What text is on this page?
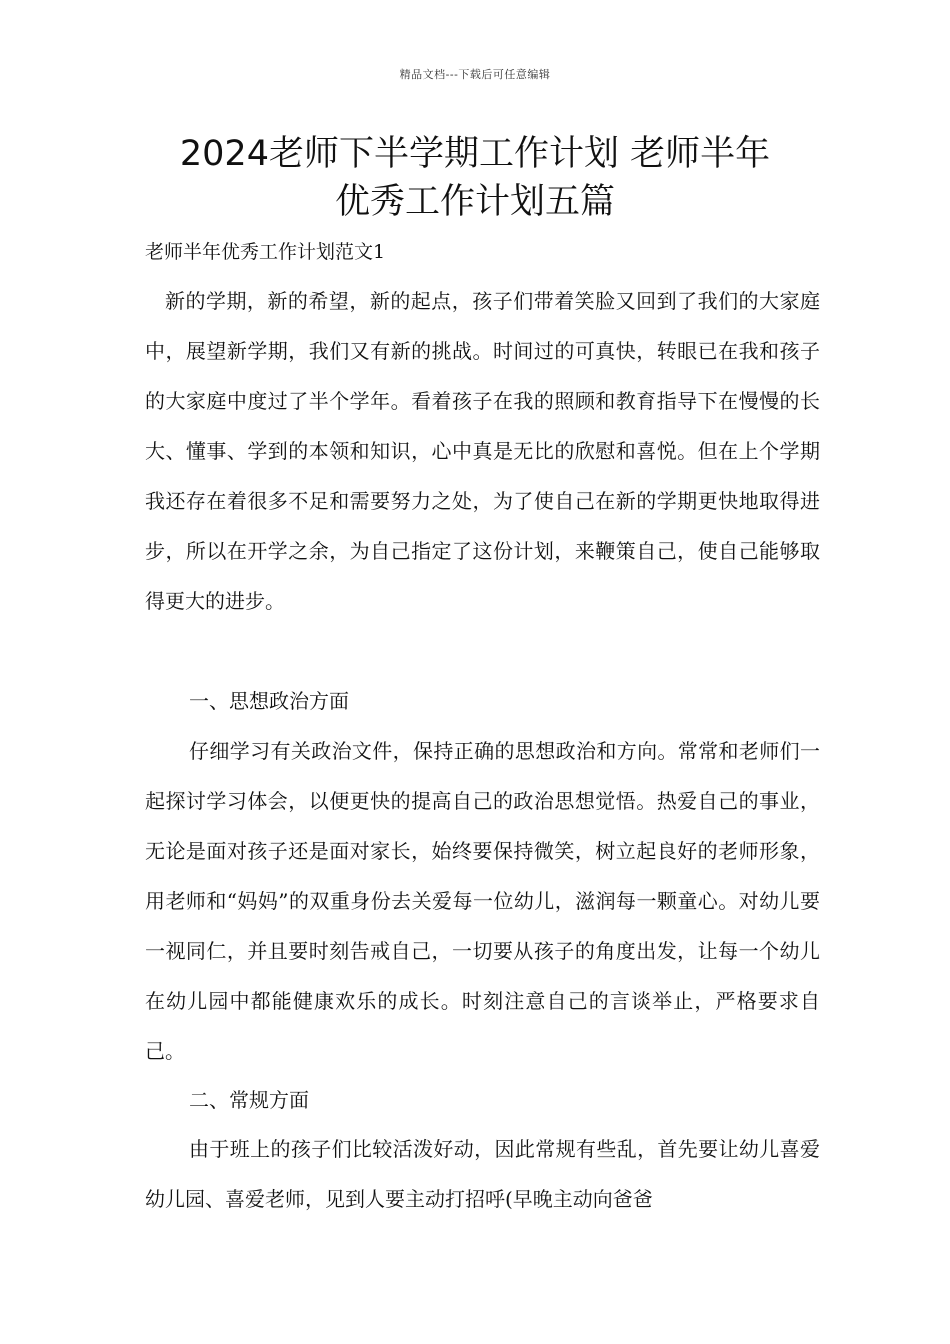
精品文档---下载后可任意编辑
2024老师下半学期工作计划 老师半年
优秀工作计划五篇

老师半年优秀工作计划范文1

新的学期，新的希望，新的起点，孩子们带着笑脸又回到了我们的大家庭中，展望新学期，我们又有新的挑战。时间过的可真快，转眼已在我和孩子的大家庭中度过了半个学年。看着孩子在我的照顾和教育指导下在慢慢的长大、懂事、学到的本领和知识，心中真是无比的欣慰和喜悦。但在上个学期我还存在着很多不足和需要努力之处，为了使自己在新的学期更快地取得进步，所以在开学之余，为自己指定了这份计划，来鞭策自己，使自己能够取得更大的进步。

一、思想政治方面

仔细学习有关政治文件，保持正确的思想政治和方向。常常和老师们一起探讨学习体会，以便更快的提高自己的政治思想觉悟。热爱自己的事业，无论是面对孩子还是面对家长，始终要保持微笑，树立起良好的老师形象，用老师和“妈妈”的双重身份去关爱每一位幼儿，滋润每一颗童心。对幼儿要一视同仁，并且要时刻告戒自己，一切要从孩子的角度出发，让每一个幼儿在幼儿园中都能健康欢乐的成长。时刻注意自己的言谈举止，严格要求自己。

二、常规方面

由于班上的孩子们比较活泼好动，因此常规有些乱，首先要让幼儿喜爱幼儿园、喜爱老师，见到人要主动打招呼(早晚主动向爸爸
